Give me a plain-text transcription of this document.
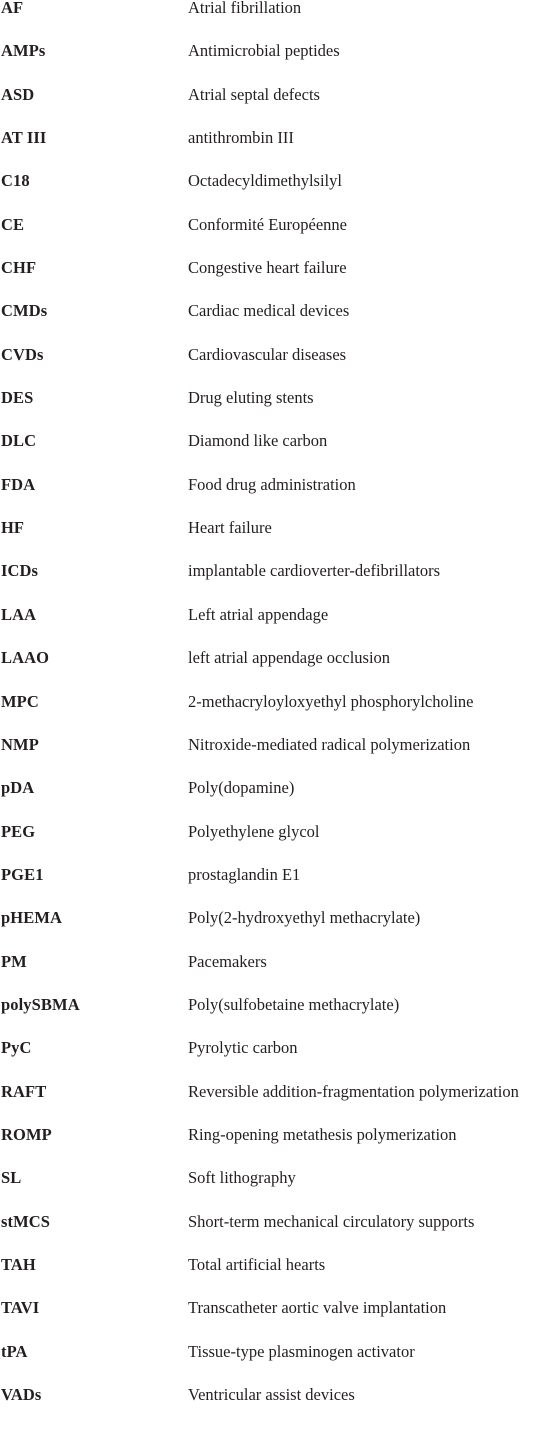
AF	Atrial fibrillation
AMPs	Antimicrobial peptides
ASD	Atrial septal defects
AT III	antithrombin III
C18	Octadecyldimethylsilyl
CE	Conformité Européenne
CHF	Congestive heart failure
CMDs	Cardiac medical devices
CVDs	Cardiovascular diseases
DES	Drug eluting stents
DLC	Diamond like carbon
FDA	Food drug administration
HF	Heart failure
ICDs	implantable cardioverter-defibrillators
LAA	Left atrial appendage
LAAO	left atrial appendage occlusion
MPC	2-methacryloyloxyethyl phosphorylcholine
NMP	Nitroxide-mediated radical polymerization
pDA	Poly(dopamine)
PEG	Polyethylene glycol
PGE1	prostaglandin E1
pHEMA	Poly(2-hydroxyethyl methacrylate)
PM	Pacemakers
polySBMA	Poly(sulfobetaine methacrylate)
PyC	Pyrolytic carbon
RAFT	Reversible addition-fragmentation polymerization
ROMP	Ring-opening metathesis polymerization
SL	Soft lithography
stMCS	Short-term mechanical circulatory supports
TAH	Total artificial hearts
TAVI	Transcatheter aortic valve implantation
tPA	Tissue-type plasminogen activator
VADs	Ventricular assist devices
